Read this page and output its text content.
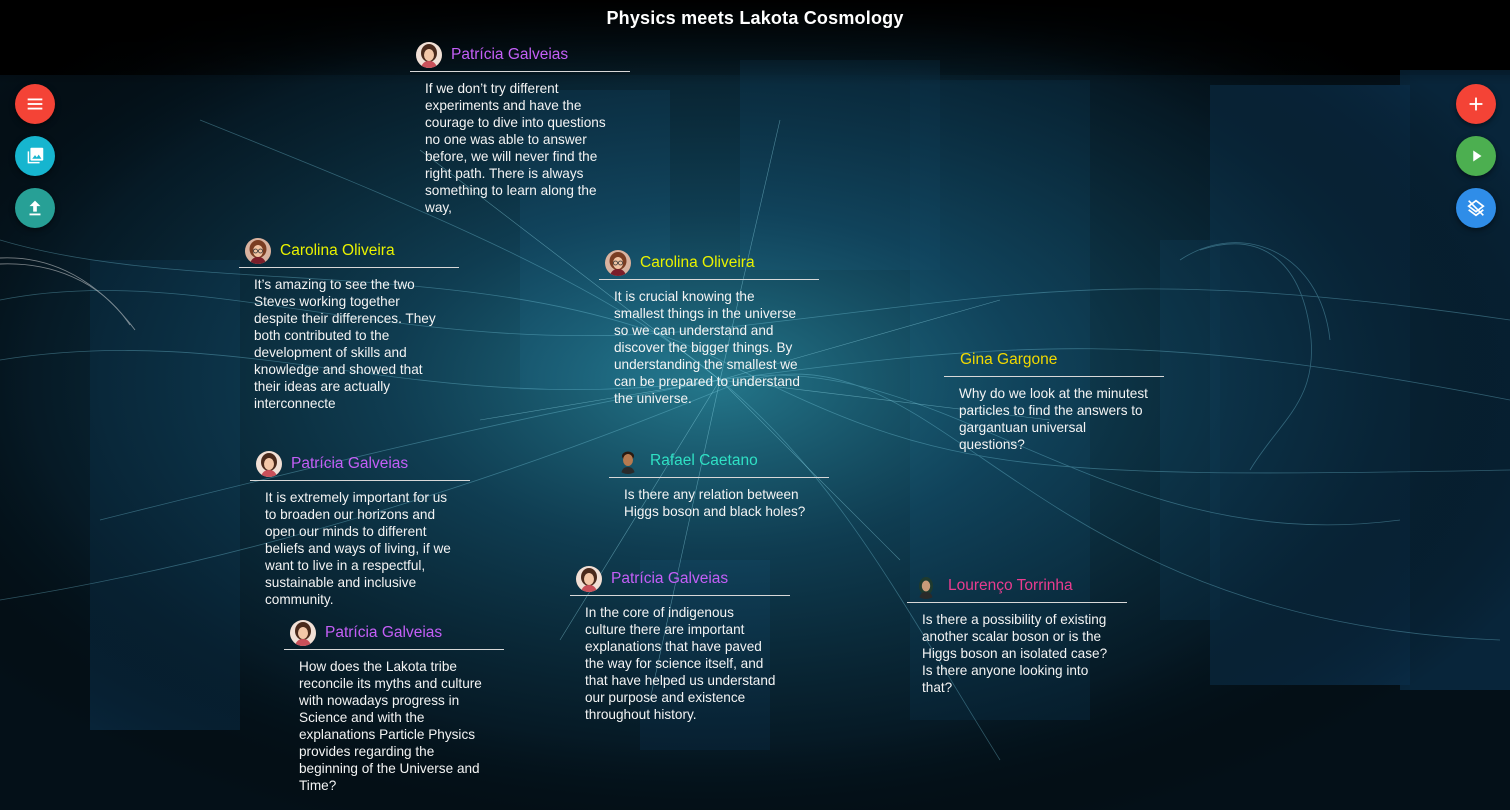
Physics meets Lakota Cosmology
Patrícia Galveias
If we don’t try different experiments and have the courage to dive into questions no one was able to answer before, we will never find the right path. There is always something to learn along the way,
Carolina Oliveira
It’s amazing to see the two Steves working together despite their differences. They both contributed to the development of skills and knowledge and showed that their ideas are actually interconnecte
Carolina Oliveira
It is crucial knowing the smallest things in the universe so we can understand and discover the bigger things. By understanding the smallest we can be prepared to understand the universe.
Gina Gargone
Why do we look at the minutest particles to find the answers to gargantuan universal questions?
Patrícia Galveias
It is extremely important for us to broaden our horizons and open our minds to different beliefs and ways of living, if we want to live in a respectful, sustainable and inclusive community.
Rafael Caetano
Is there any relation between Higgs boson and black holes?
Patrícia Galveias
In the core of indigenous culture there are important explanations that have paved the way for science itself, and that have helped us understand our purpose and existence throughout history.
Lourenço Torrinha
Is there a possibility of existing another scalar boson or is the Higgs boson an isolated case? Is there anyone looking into that?
Patrícia Galveias
How does the Lakota tribe reconcile its myths and culture with nowadays progress in Science and with the explanations Particle Physics provides regarding the beginning of the Universe and Time?
